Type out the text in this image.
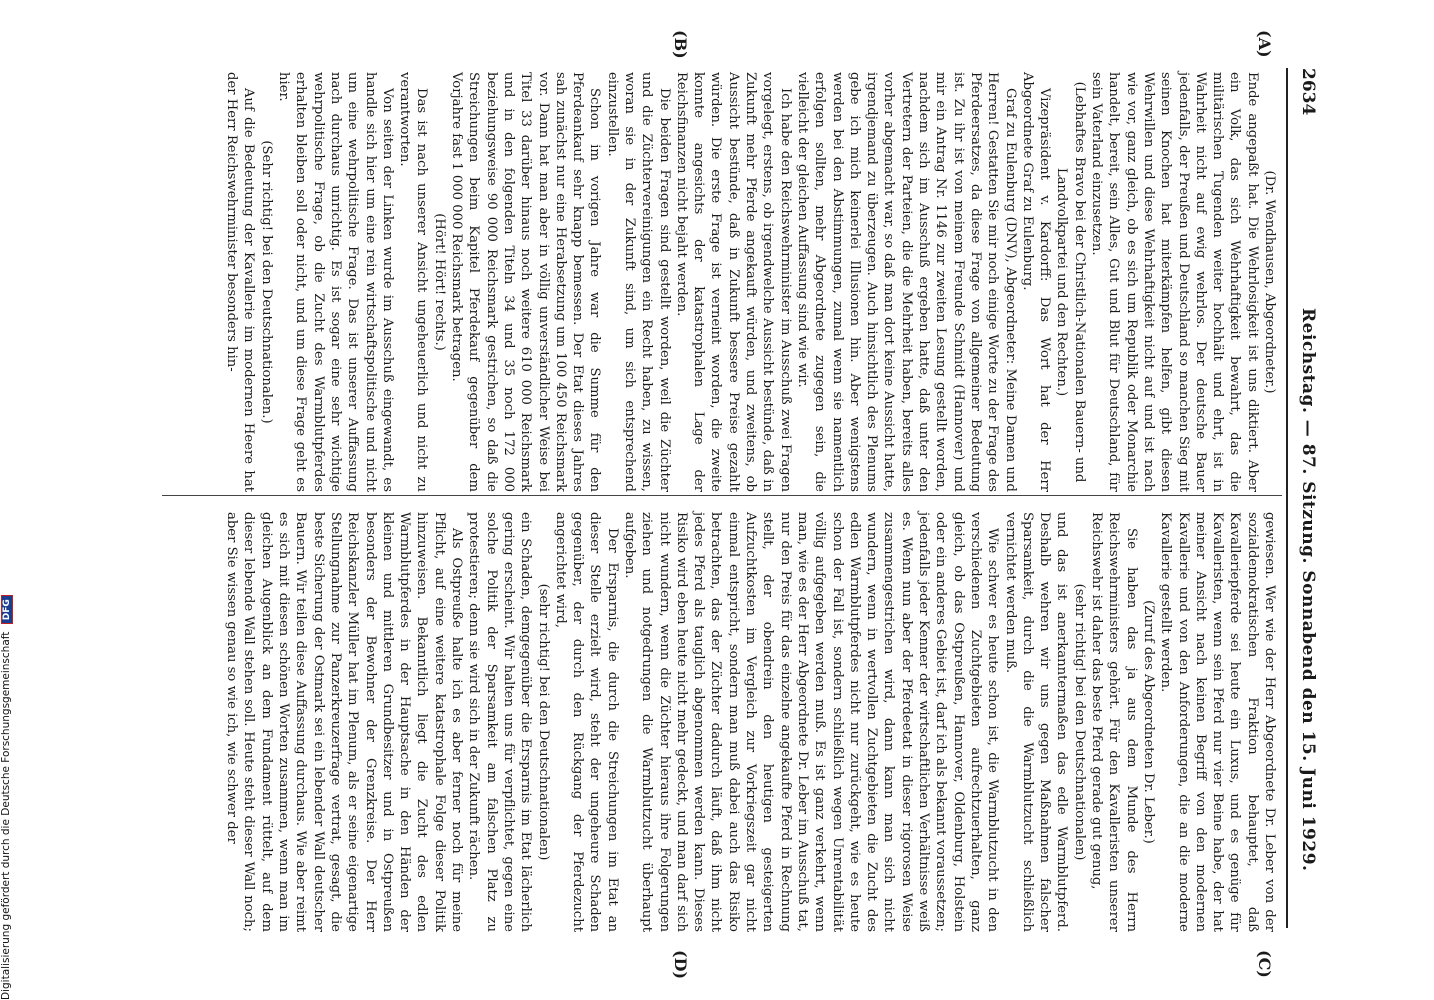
2634
Reichstag. — 87. Sitzung. Sonnabend den 15. Juni 1929.
(A)
(B)
(C)
(D)

(Dr. Wendhausen, Abgeordneter.)

Ende angepaßt hat. Die Wehrlosigkeit ist uns diktiert. Aber ein Volk, das sich Wehrhaftigkeit bewahrt, das die militärischen Tugenden weiter hochhält und ehrt, ist in Wahrheit nicht auf ewig wehrlos. Der deutsche Bauer jedenfalls, der Preußen und Deutschland so manchen Sieg mit seinen Knochen hat miterkämpfen helfen, gibt diesen Wehrwillen und diese Wehrhaftigkeit nicht auf und ist nach wie vor, ganz gleich, ob es sich um Republik oder Monarchie handelt, bereit, sein Alles, Gut und Blut für Deutschland, für sein Vaterland einzusetzen.

(Lebhaftes Bravo bei der Christlich-Nationalen Bauern- und Landvolkpartei und den Rechten.)

Vizepräsident v. Kardorff: Das Wort hat der Herr Abgeordnete Graf zu Eulenburg.

Graf zu Eulenburg (DNV), Abgeordneter: Meine Damen und Herren! Gestatten Sie mir noch einige Worte zu der Frage des Pferdeersatzes, da diese Frage von allgemeiner Bedeutung ist. Zu ihr ist von meinem Freunde Schmidt (Hannover) und mir ein Antrag Nr. 1146 zur zweiten Lesung gestellt worden, nachdem sich im Ausschuß ergeben hatte, daß unter den Vertretern der Parteien, die die Mehrheit haben, bereits alles vorher abgemacht war, so daß man dort keine Aussicht hatte, irgendjemand zu überzeugen. Auch hinsichtlich des Plenums gebe ich mich keinerlei Illusionen hin. Aber wenigstens werden bei den Abstimmungen, zumal wenn sie namentlich erfolgen sollten, mehr Abgeordnete zugegen sein, die vielleicht der gleichen Auffassung sind wie wir.

Ich habe den Reichswehrminister im Ausschuß zwei Fragen vorgelegt, erstens, ob irgendwelche Aussicht bestünde, daß in Zukunft mehr Pferde angekauft würden, und zweitens, ob Aussicht bestünde, daß in Zukunft bessere Preise gezahlt würden. Die erste Frage ist verneint worden, die zweite konnte angesichts der katastrophalen Lage der Reichsfinanzen nicht bejaht werden.

Die beiden Fragen sind gestellt worden, weil die Züchter und die Züchtervereinigungen ein Recht haben, zu wissen, woran sie in der Zukunft sind, um sich entsprechend einzustellen.

Schon im vorigen Jahre war die Summe für den Pferdeankauf sehr knapp bemessen. Der Etat dieses Jahres sah zunächst nur eine Herabsetzung um 100 450 Reichsmark vor. Dann hat man aber in völlig unverständlicher Weise bei Titel 33 darüber hinaus noch weitere 610 000 Reichsmark und in den folgenden Titeln 34 und 35 noch 172 000 beziehungsweise 90 000 Reichsmark gestrichen, so daß die Streichungen beim Kapitel Pferdekauf gegenüber dem Vorjahre fast 1 000 000 Reichsmark betragen.

(Hört! Hört! rechts.)

Das ist nach unserer Ansicht ungeheuerlich und nicht zu verantworten.

Von seiten der Linken wurde im Ausschuß eingewandt, es handle sich hier um eine rein wirtschaftspolitische und nicht um eine wehrpolitische Frage. Das ist unserer Auffassung nach durchaus unrichtig. Es ist sogar eine sehr wichtige wehrpolitische Frage, ob die Zucht des Warmblutpferdes erhalten bleiben soll oder nicht, und um diese Frage geht es hier.

(Sehr richtig! bei den Deutschnationalen.)

Auf die Bedeutung der Kavallerie im modernen Heere hat der Herr Reichswehrminister besonders hin-

gewiesen. Wer wie der Herr Abgeordnete Dr. Leber von der sozialdemokratischen Fraktion behauptet, daß Kavalleriepferde sei heute ein Luxus, und es genüge für Kavalleristen, wenn sein Pferd nur vier Beine habe, der hat meiner Ansicht nach keinen Begriff von den modernen Kavallerie und von den Anforderungen, die an die moderne Kavallerie gestellt werden.

(Zuruf des Abgeordneten Dr. Leber.)

Sie haben das ja aus dem Munde des Herrn Reichswehrministers gehört. Für den Kavalleristen unserer Reichswehr ist daher das beste Pferd gerade gut genug,

(sehr richtig! bei den Deutschnationalen)

und das ist anerkanntermaßen das edle Warmblutpferd. Deshalb wehren wir uns gegen Maßnahmen falscher Sparsamkeit, durch die die Warmblutzucht schließlich vernichtet werden muß.

Wie schwer es heute schon ist, die Warmblutzucht in den verschiedenen Zuchtgebieten aufrechtzuerhalten, ganz gleich, ob das Ostpreußen, Hannover, Oldenburg, Holstein oder ein anderes Gebiet ist, darf ich als bekannt voraussetzen; jedenfalls jeder Kenner der wirtschaftlichen Verhältnisse weiß es. Wenn nun aber der Pferdeetat in dieser rigorosen Weise zusammengestrichen wird, dann kann man sich nicht wundern, wenn in wertvollen Zuchtgebieten die Zucht des edlen Warmblutpferdes nicht nur zurückgeht, wie es heute schon der Fall ist, sondern schließlich wegen Unrentabilität völlig aufgegeben werden muß. Es ist ganz verkehrt, wenn man, wie es der Herr Abgeordnete Dr. Leber im Ausschuß tat, nur den Preis für das einzelne angekaufte Pferd in Rechnung stellt, der obendrein den heutigen gesteigerten Aufzuchtkosten im Vergleich zur Vorkriegszeit gar nicht einmal entspricht, sondern man muß dabei auch das Risiko betrachten, das der Züchter dadurch läuft, daß ihm nicht jedes Pferd als tauglich abgenommen werden kann. Dieses Risiko wird eben heute nicht mehr gedeckt, und man darf sich nicht wundern, wenn die Züchter hieraus ihre Folgerungen ziehen und notgedrungen die Warmblutzucht überhaupt aufgeben.

Der Ersparnis, die durch die Streichungen im Etat an dieser Stelle erzielt wird, steht der ungeheure Schaden gegenüber, der durch den Rückgang der Pferdezucht angerichtet wird,

(sehr richtig! bei den Deutschnationalen)

ein Schaden, demgegenüber die Ersparnis im Etat lächerlich gering erscheint. Wir halten uns für verpflichtet, gegen eine solche Politik der Sparsamkeit am falschen Platz zu protestieren; denn sie wird sich in der Zukunft rächen.

Als Ostpreuße halte ich es aber ferner noch für meine Pflicht, auf eine weitere katastrophale Folge dieser Politik hinzuweisen. Bekanntlich liegt die Zucht des edlen Warmblutpferdes in der Hauptsache in den Händen der kleinen und mittleren Grundbesitzer und in Ostpreußen besonders der Bewohner der Grenzkreise. Der Herr Reichskanzler Müller hat im Plenum, als er seine eigenartige Stellungnahme zur Panzerkreuzerfrage vertrat, gesagt, die beste Sicherung der Ostmark sei ein lebender Wall deutscher Bauern. Wir teilen diese Auffassung durchaus. Wie aber reimt es sich mit diesen schönen Worten zusammen, wenn man im gleichen Augenblick an dem Fundament rüttelt, auf dem dieser lebende Wall stehen soll. Heute steht dieser Wall noch; aber Sie wissen genau so wie ich, wie schwer der

Digitalisierung gefördert durch die Deutsche Forschungsgemeinschaft DFG
